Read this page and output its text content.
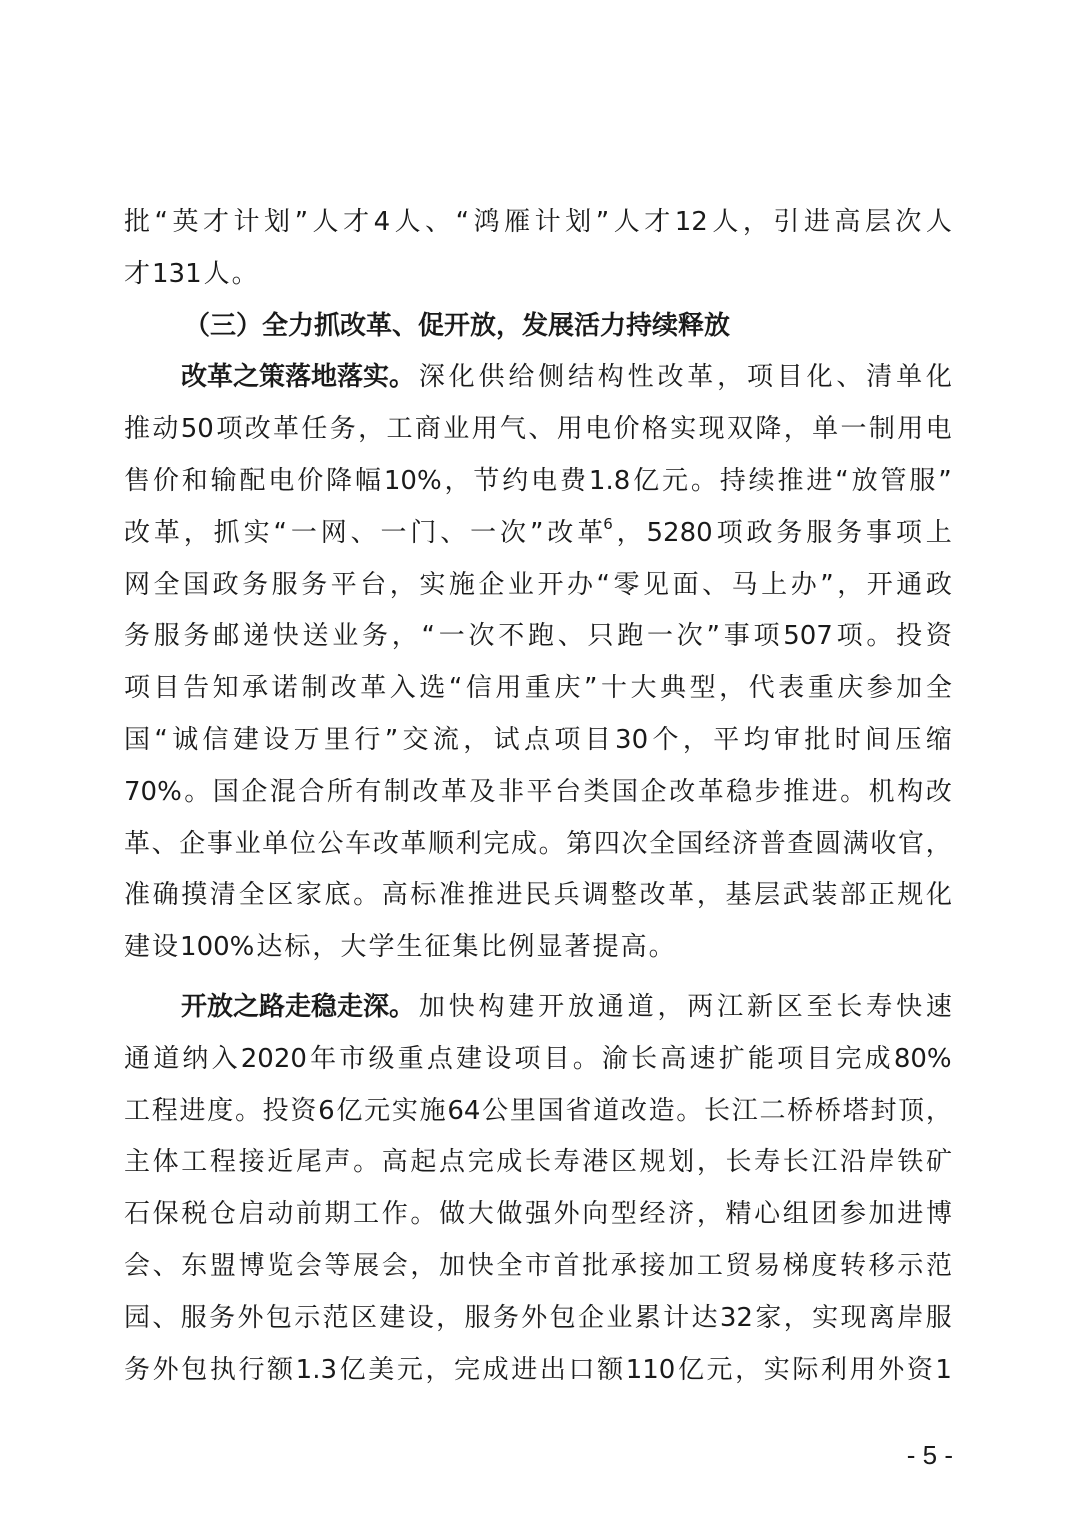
批 “ 英 才 计 划 ” 人 才 4 人 、 “ 鸿 雁 计 划 ” 人 才 12 人 ， 引 进 高 层 次 人
才 131 人 。
（三）全力抓改革、促开放，发展活力持续释放
改革之策落地落实。 深 化 供 给 侧 结 构 性 改 革 ， 项 目 化 、 清 单 化
推 动 50 项 改 革 任 务 ， 工 商 业 用 气 、 用 电 价 格 实 现 双 降 ， 单 一 制 用 电
售 价 和 输 配 电 价 降 幅 10% ， 节 约 电 费 1.8 亿 元 。 持 续 推 进 “ 放 管 服 ”
改 革 ， 抓 实 “ 一 网 、 一 门 、 一 次 ” 改 革$^6$ ， 5280 项 政 务 服 务 事 项 上
网 全 国 政 务 服 务 平 台 ， 实 施 企 业 开 办 “ 零 见 面 、 马 上 办 ” ， 开 通 政
务 服 务 邮 递 快 送 业 务 ， “ 一 次 不 跑 、 只 跑 一 次 ” 事 项 507 项 。 投 资
项 目 告 知 承 诺 制 改 革 入 选 “ 信 用 重 庆 ” 十 大 典 型 ， 代 表 重 庆 参 加 全
国 “ 诚 信 建 设 万 里 行 ” 交 流 ， 试 点 项 目 30 个 ， 平 均 审 批 时 间 压 缩
70% 。 国 企 混 合 所 有 制 改 革 及 非 平 台 类 国 企 改 革 稳 步 推 进 。 机 构 改
革 、 企 事 业 单 位 公 车 改 革 顺 利 完 成 。 第 四 次 全 国 经 济 普 查 圆 满 收 官 ，
准 确 摸 清 全 区 家 底 。 高 标 准 推 进 民 兵 调 整 改 革 ， 基 层 武 装 部 正 规 化
建 设 100% 达 标 ， 大 学 生 征 集 比 例 显 著 提 高 。
开放之路走稳走深。 加 快 构 建 开 放 通 道 ， 两 江 新 区 至 长 寿 快 速
通 道 纳 入 2020 年 市 级 重 点 建 设 项 目 。 渝 长 高 速 扩 能 项 目 完 成 80%
工 程 进 度 。 投 资 6 亿 元 实 施 64 公 里 国 省 道 改 造 。 长 江 二 桥 桥 塔 封 顶 ，
主 体 工 程 接 近 尾 声 。 高 起 点 完 成 长 寿 港 区 规 划 ， 长 寿 长 江 沿 岸 铁 矿
石 保 税 仓 启 动 前 期 工 作 。 做 大 做 强 外 向 型 经 济 ， 精 心 组 团 参 加 进 博
会 、 东 盟 博 览 会 等 展 会 ， 加 快 全 市 首 批 承 接 加 工 贸 易 梯 度 转 移 示 范
园 、 服 务 外 包 示 范 区 建 设 ， 服 务 外 包 企 业 累 计 达 32 家 ， 实 现 离 岸 服
务 外 包 执 行 额 1.3 亿 美 元 ， 完 成 进 出 口 额 110 亿 元 ， 实 际 利 用 外 资 1
- 5 -
